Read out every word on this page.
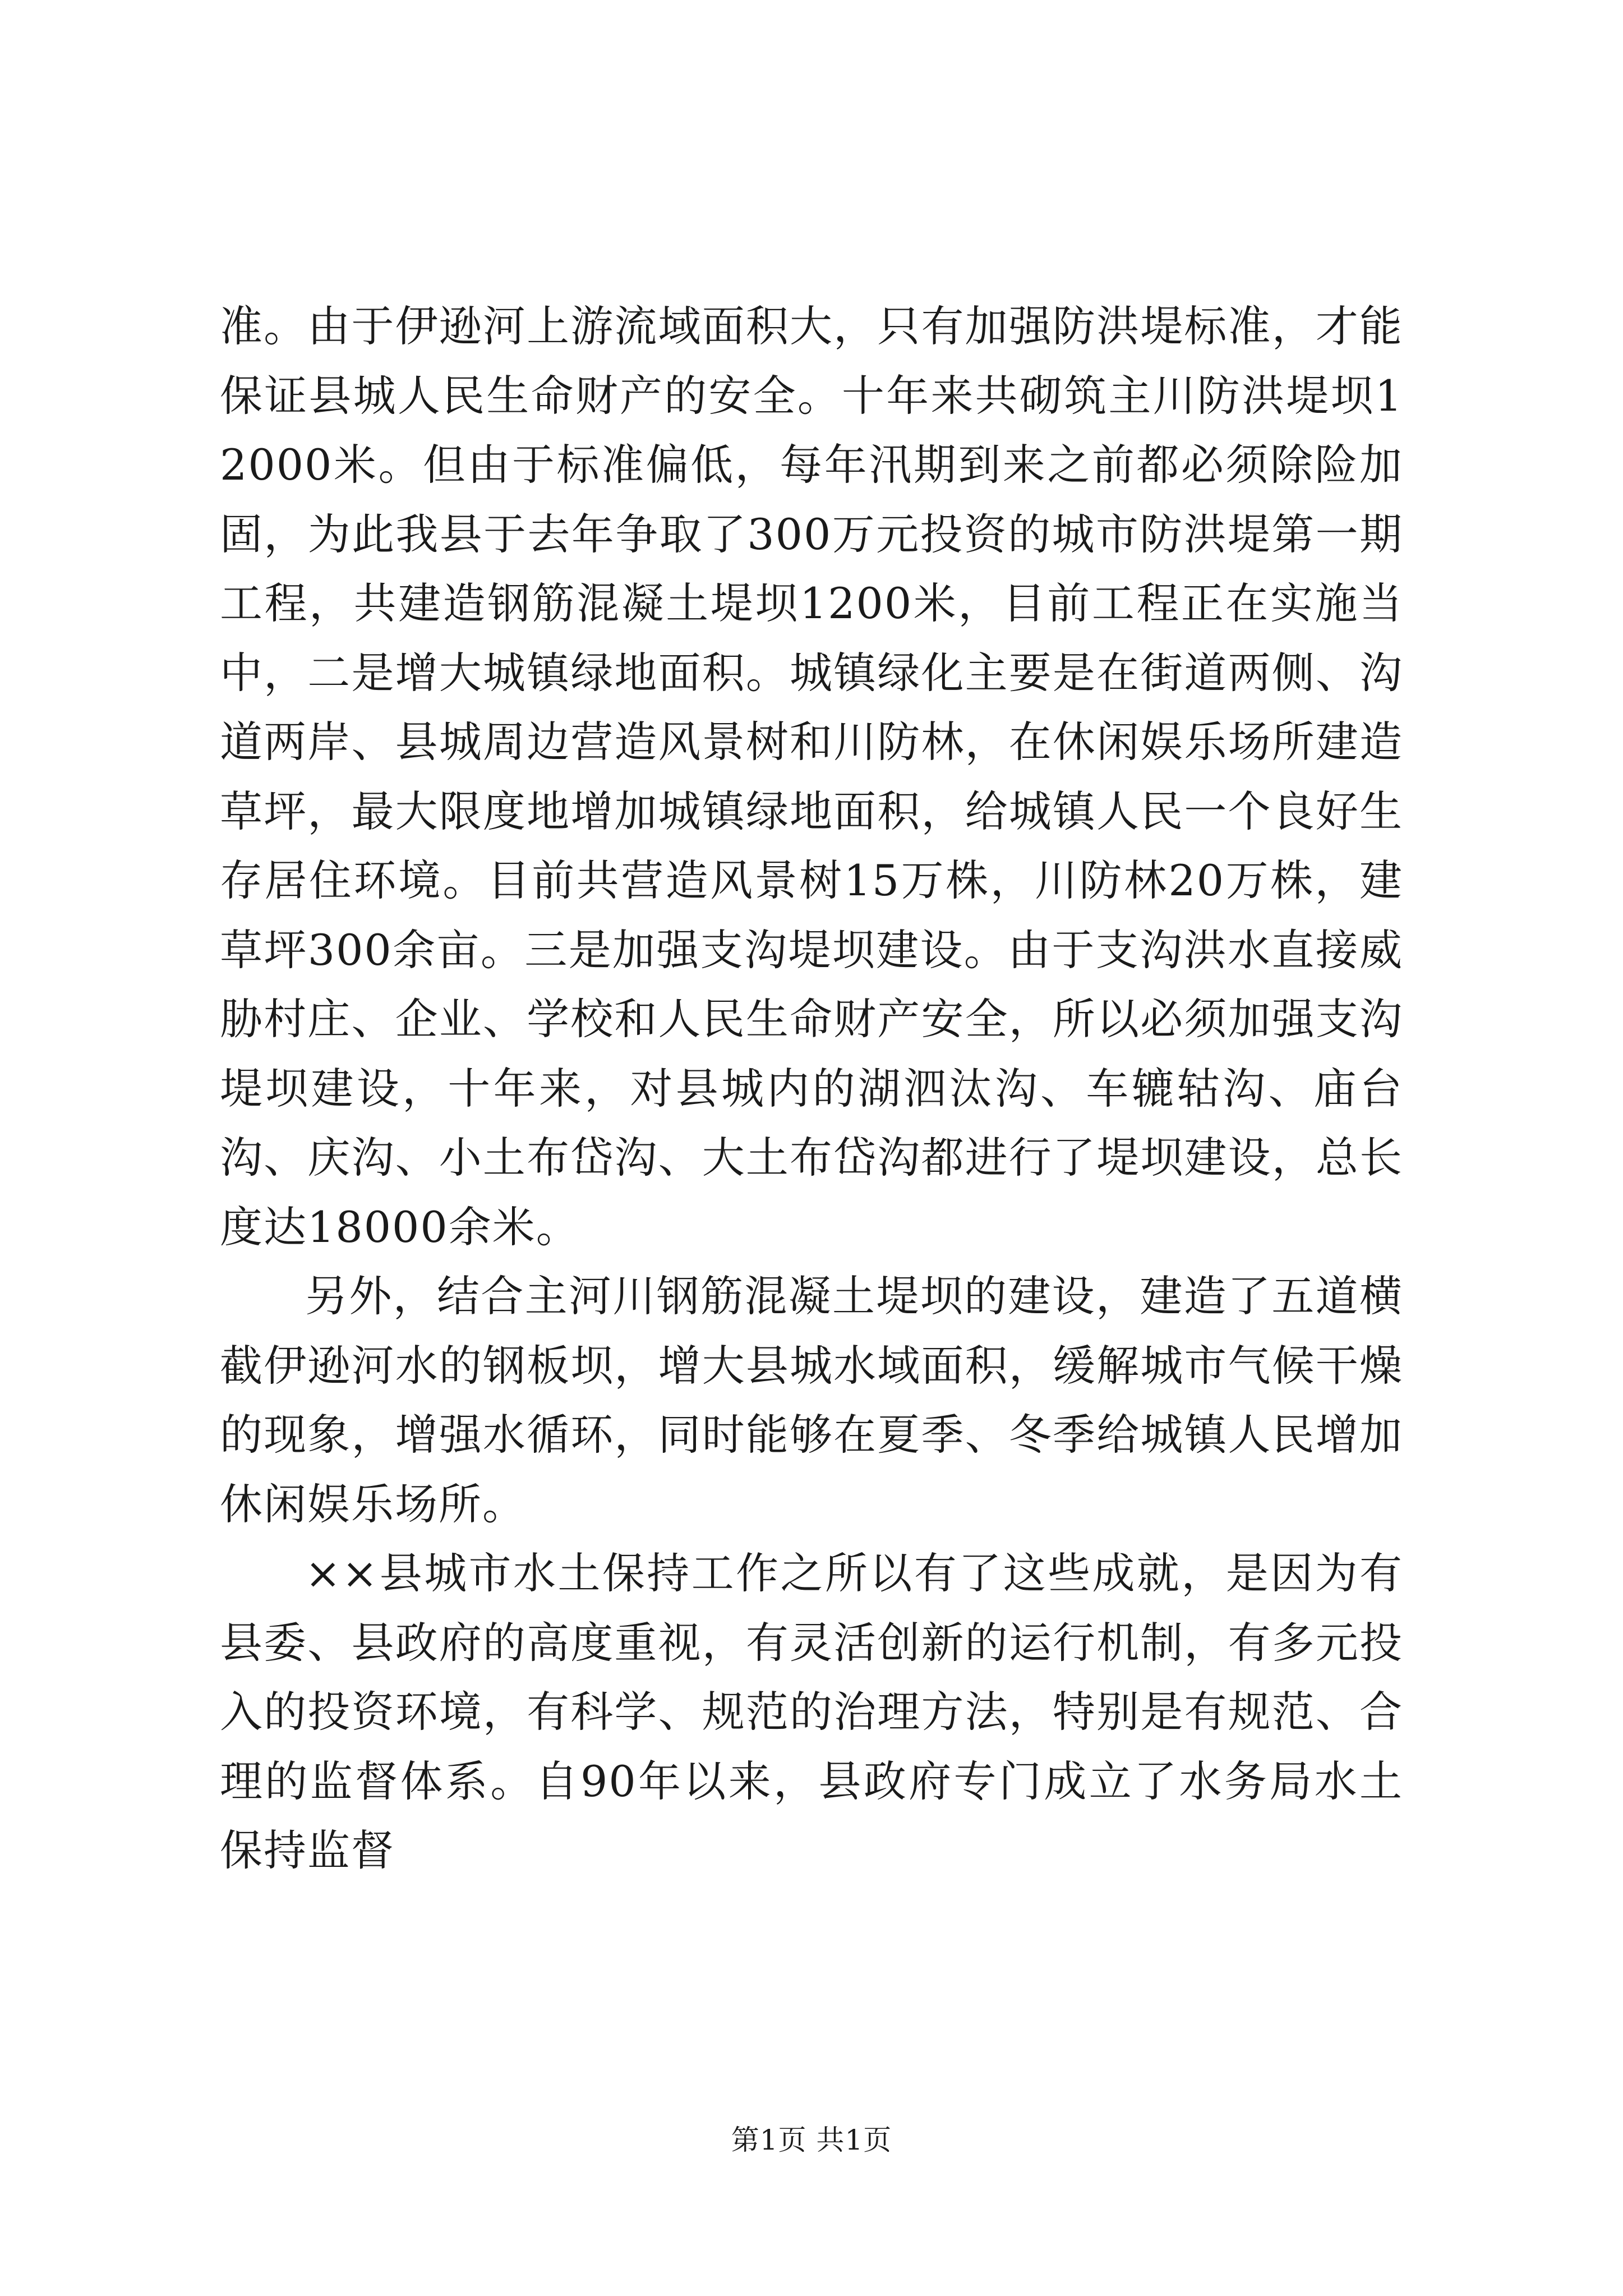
准。由于伊逊河上游流域面积大，只有加强防洪堤标准，才能保证县城人民生命财产的安全。十年来共砌筑主川防洪堤坝12000米。但由于标准偏低，每年汛期到来之前都必须除险加固，为此我县于去年争取了300万元投资的城市防洪堤第一期工程，共建造钢筋混凝土堤坝1200米，目前工程正在实施当中，二是增大城镇绿地面积。城镇绿化主要是在街道两侧、沟道两岸、县城周边营造风景树和川防林，在休闲娱乐场所建造草坪，最大限度地增加城镇绿地面积，给城镇人民一个良好生存居住环境。目前共营造风景树15万株，川防林20万株，建草坪300余亩。三是加强支沟堤坝建设。由于支沟洪水直接威胁村庄、企业、学校和人民生命财产安全，所以必须加强支沟堤坝建设，十年来，对县城内的湖泗汰沟、车辘轱沟、庙台沟、庆沟、小土布岱沟、大土布岱沟都进行了堤坝建设，总长度达18000余米。

另外，结合主河川钢筋混凝土堤坝的建设，建造了五道横截伊逊河水的钢板坝，增大县城水域面积，缓解城市气候干燥的现象，增强水循环，同时能够在夏季、冬季给城镇人民增加休闲娱乐场所。

××县城市水土保持工作之所以有了这些成就，是因为有县委、县政府的高度重视，有灵活创新的运行机制，有多元投入的投资环境，有科学、规范的治理方法，特别是有规范、合理的监督体系。自90年以来，县政府专门成立了水务局水土保持监督

第1页 共1页
